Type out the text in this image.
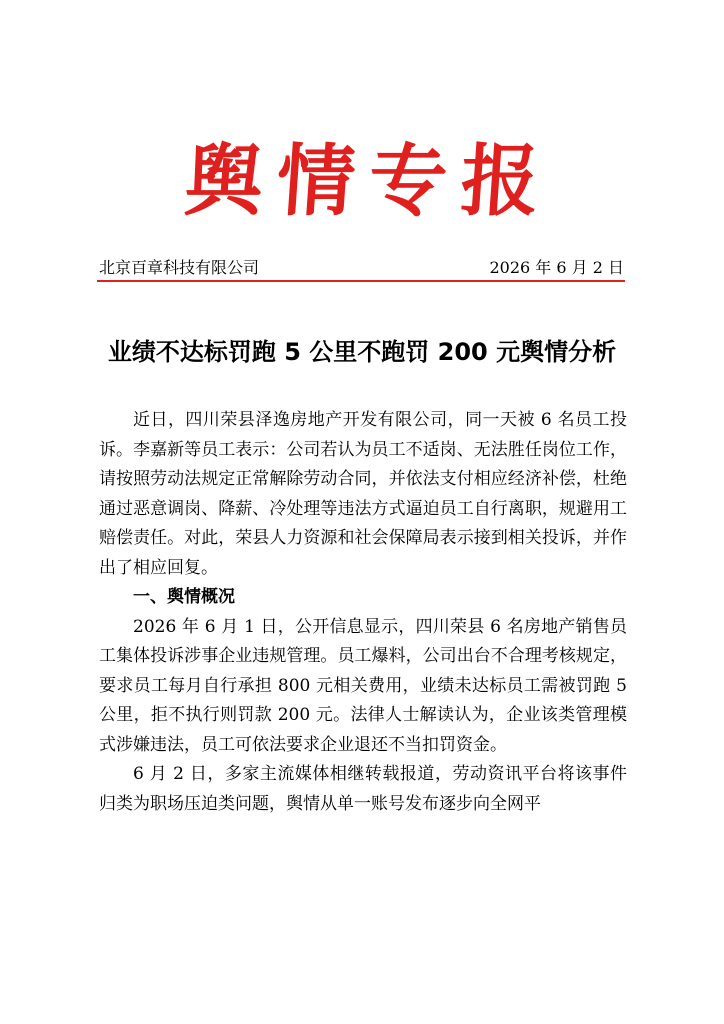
舆情专报
北京百章科技有限公司	2026 年 6 月 2 日
业绩不达标罚跑 5 公里不跑罚 200 元舆情分析

近日，四川荣县泽逸房地产开发有限公司，同一天被 6 名员工投诉。李嘉新等员工表示：公司若认为员工不适岗、无法胜任岗位工作，请按照劳动法规定正常解除劳动合同，并依法支付相应经济补偿，杜绝通过恶意调岗、降薪、冷处理等违法方式逼迫员工自行离职，规避用工赔偿责任。对此，荣县人力资源和社会保障局表示接到相关投诉，并作出了相应回复。

一、舆情概况

2026 年 6 月 1 日，公开信息显示，四川荣县 6 名房地产销售员工集体投诉涉事企业违规管理。员工爆料，公司出台不合理考核规定，要求员工每月自行承担 800 元相关费用，业绩未达标员工需被罚跑 5 公里，拒不执行则罚款 200 元。法律人士解读认为，企业该类管理模式涉嫌违法，员工可依法要求企业退还不当扣罚资金。

6 月 2 日，多家主流媒体相继转载报道，劳动资讯平台将该事件归类为职场压迫类问题，舆情从单一账号发布逐步向全网平
